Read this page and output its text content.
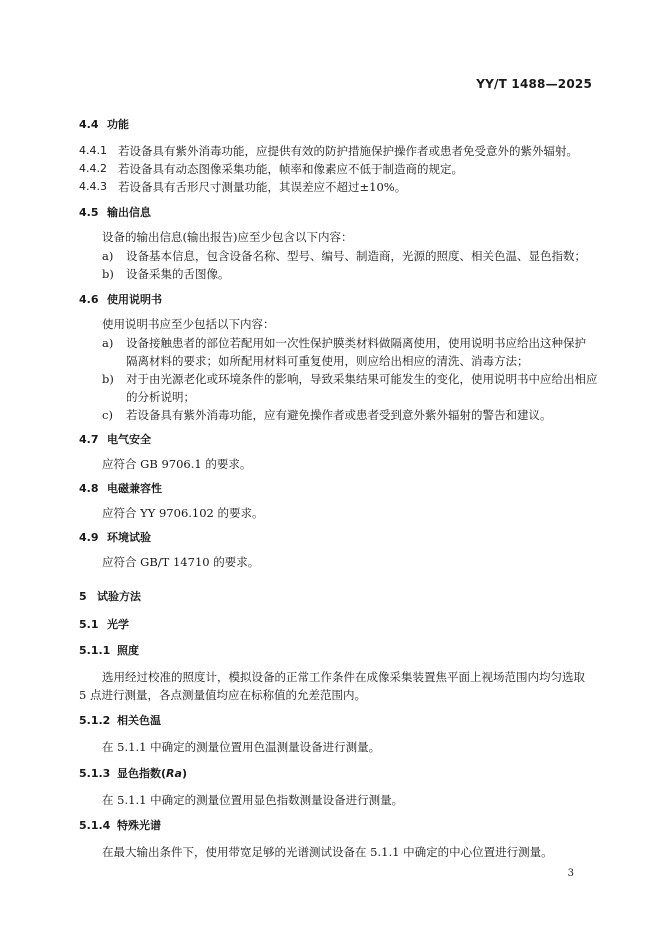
YY/T 1488—2025
4.4 功能
4.4.1 若设备具有紫外消毒功能，应提供有效的防护措施保护操作者或患者免受意外的紫外辐射。
4.4.2 若设备具有动态图像采集功能，帧率和像素应不低于制造商的规定。
4.4.3 若设备具有舌形尺寸测量功能，其误差应不超过±10%。
4.5 输出信息
设备的输出信息(输出报告)应至少包含以下内容：
a) 设备基本信息，包含设备名称、型号、编号、制造商，光源的照度、相关色温、显色指数；
b) 设备采集的舌图像。
4.6 使用说明书
使用说明书应至少包括以下内容：
a) 设备接触患者的部位若配用如一次性保护膜类材料做隔离使用，使用说明书应给出这种保护
隔离材料的要求；如所配用材料可重复使用，则应给出相应的清洗、消毒方法；
b) 对于由光源老化或环境条件的影响，导致采集结果可能发生的变化，使用说明书中应给出相应
的分析说明；
c) 若设备具有紫外消毒功能，应有避免操作者或患者受到意外紫外辐射的警告和建议。
4.7 电气安全
应符合 GB 9706.1 的要求。
4.8 电磁兼容性
应符合 YY 9706.102 的要求。
4.9 环境试验
应符合 GB/T 14710 的要求。
5 试验方法
5.1 光学
5.1.1 照度
选用经过校准的照度计，模拟设备的正常工作条件在成像采集装置焦平面上视场范围内均匀选取
5 点进行测量，各点测量值均应在标称值的允差范围内。
5.1.2 相关色温
在 5.1.1 中确定的测量位置用色温测量设备进行测量。
5.1.3 显色指数(Ra)
在 5.1.1 中确定的测量位置用显色指数测量设备进行测量。
5.1.4 特殊光谱
在最大输出条件下，使用带宽足够的光谱测试设备在 5.1.1 中确定的中心位置进行测量。
3
